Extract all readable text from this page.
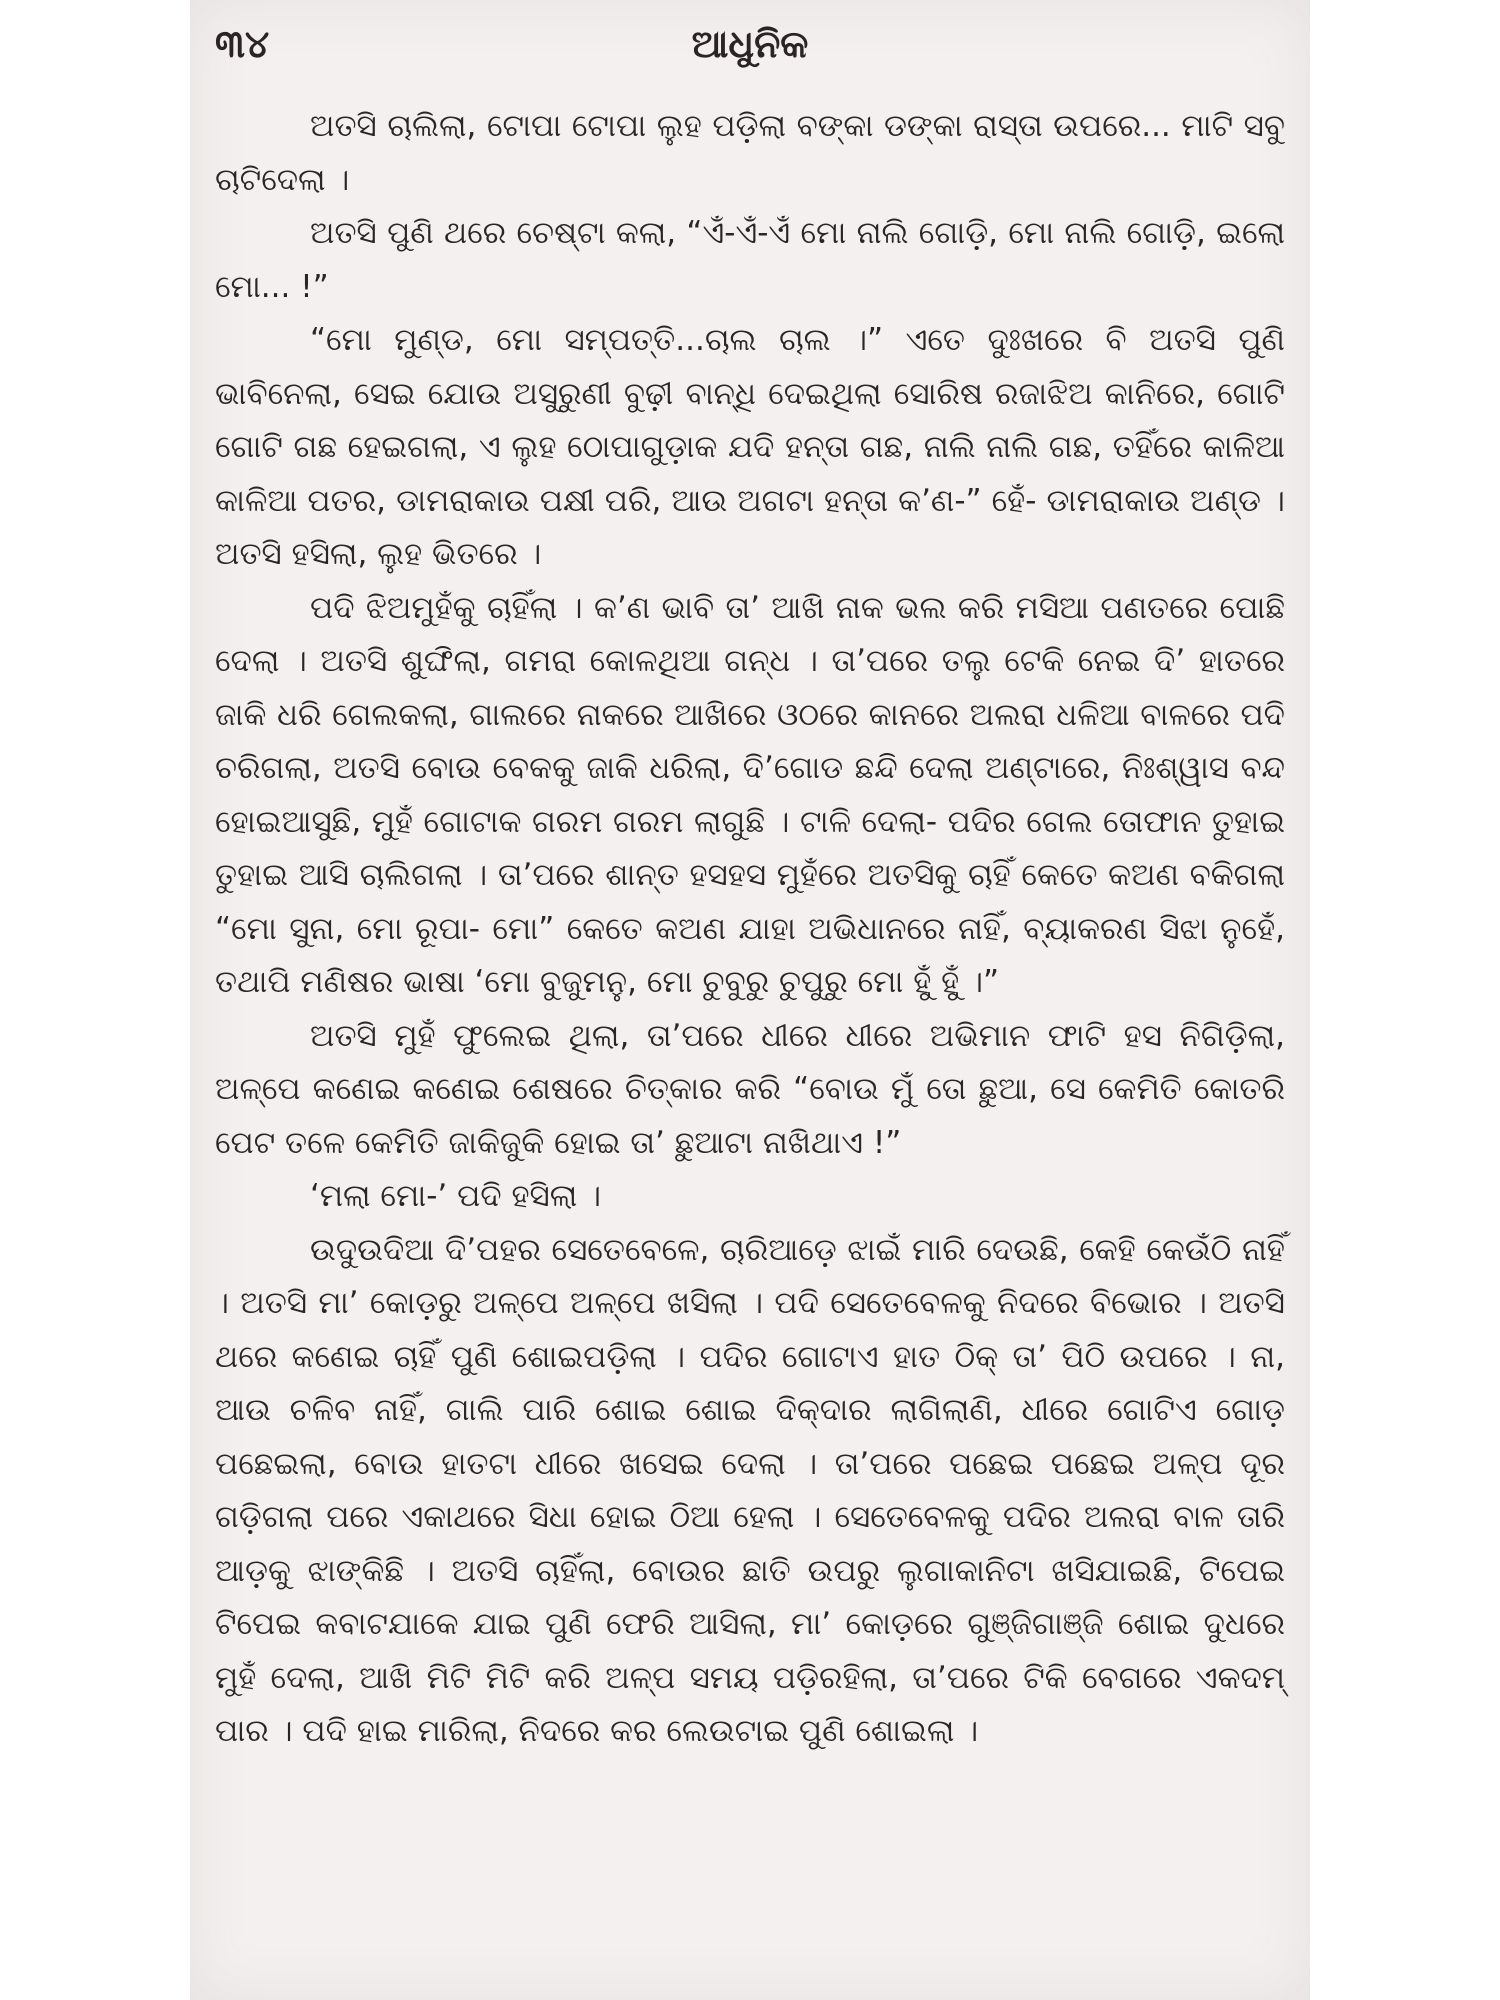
୩୪	ଆଧୁନିକ

ଅତସି ଚାଲିଲା, ଟୋପା ଟୋପା ଲୁହ ପଡ଼ିଲା ବଙ୍କା ଡଙ୍କା ରାସ୍ତା ଉପରେ... ମାଟି ସବୁ ଚାଟିଦେଲା ।

ଅତସି ପୁଣି ଥରେ ଚେଷ୍ଟା କଲା, “ଏଁ-ଏଁ-ଏଁ ମୋ ନାଲି ଗୋଡ଼ି, ମୋ ନାଲି ଗୋଡ଼ି, ଇଲୋ ମୋ... !”

“ମୋ ମୁଣ୍ଡ, ମୋ ସମ୍ପତ୍ତି...ଚାଲ ଚାଲ ।” ଏତେ ଦୁଃଖରେ ବି ଅତସି ପୁଣି ଭାବିନେଲା, ସେଇ ଯୋଉ ଅସୁରୁଣୀ ବୁଢ଼ୀ ବାନ୍ଧି ଦେଇଥିଲା ସୋରିଷ ରଜାଝିଅ କାନିରେ, ଗୋଟି ଗୋଟି ଗଛ ହେଇଗଲା, ଏ ଲୁହ ଠୋପାଗୁଡ଼ାକ ଯଦି ହନ୍ତା ଗଛ, ନାଲି ନାଲି ଗଛ, ତହିଁରେ କାଳିଆ କାଳିଆ ପତର, ଡାମରାକାଉ ପକ୍ଷୀ ପରି, ଆଉ ଅଗଟା ହନ୍ତା କ’ଣ-” ହେଁ- ଡାମରାକାଉ ଅଣ୍ଡ । ଅତସି ହସିଲା, ଲୁହ ଭିତରେ ।

ପଦି ଝିଅମୁହଁକୁ ଚାହିଁଲା । କ’ଣ ଭାବି ତା’ ଆଖି ନାକ ଭଲ କରି ମସିଆ ପଣତରେ ପୋଛି ଦେଲା । ଅତସି ଶୁଙ୍ଘିଲା, ଗମରା କୋଳଥିଆ ଗନ୍ଧ । ତା’ପରେ ତଲୁ ଟେକି ନେଇ ଦି’ ହାତରେ ଜାକି ଧରି ଗେଲକଲା, ଗାଲରେ ନାକରେ ଆଖିରେ ଓଠରେ କାନରେ ଅଲରା ଧଳିଆ ବାଳରେ ପଦି ଚରିଗଲା, ଅତସି ବୋଉ ବେକକୁ ଜାକି ଧରିଲା, ଦି’ଗୋଡ ଛନ୍ଦି ଦେଲା ଅଣ୍ଟାରେ, ନିଃଶ୍ୱାସ ବନ୍ଦ ହୋଇଆସୁଛି, ମୁହଁ ଗୋଟାକ ଗରମ ଗରମ ଲାଗୁଛି । ଟାଳି ଦେଲା- ପଦିର ଗେଲ ତୋଫାନ ତୁହାଇ ତୁହାଇ ଆସି ଚାଲିଗଲା । ତା’ପରେ ଶାନ୍ତ ହସହସ ମୁହଁରେ ଅତସିକୁ ଚାହିଁ କେତେ କଅଣ ବକିଗଲା “ମୋ ସୁନା, ମୋ ରୂପା- ମୋ” କେତେ କଅଣ ଯାହା ଅଭିଧାନରେ ନାହିଁ, ବ୍ୟାକରଣ ସିଝା ନୁହେଁ, ତଥାପି ମଣିଷର ଭାଷା ‘ମୋ ବୁଜୁମନୁ, ମୋ ଚୁବୁରୁ ଚୁପୁରୁ ମୋ ହୁଁ ହୁଁ ।”

ଅତସି ମୁହଁ ଫୁଲେଇ ଥିଲା, ତା’ପରେ ଧୀରେ ଧୀରେ ଅଭିମାନ ଫାଟି ହସ ନିଗିଡ଼ିଲା, ଅଳ୍ପେ କଣେଇ କଣେଇ ଶେଷରେ ଚିତ୍କାର କରି “ବୋଉ ମୁଁ ତୋ ଛୁଆ, ସେ କେମିତି କୋତରି ପେଟ ତଳେ କେମିତି ଜାକିଜୁକି ହୋଇ ତା’ ଛୁଆଟା ନାଖିଥାଏ !”

‘ମଲା ମୋ-’ ପଦି ହସିଲା ।

ଉଦୁଉଦିଆ ଦି’ପହର ସେତେବେଳେ, ଚାରିଆଡ଼େ ଝାଇଁ ମାରି ଦେଉଛି, କେହି କେଉଁଠି ନାହିଁ । ଅତସି ମା’ କୋଡ଼ରୁ ଅଳ୍ପେ ଅଳ୍ପେ ଖସିଲା । ପଦି ସେତେବେଳକୁ ନିଦରେ ବିଭୋର । ଅତସି ଥରେ କଣେଇ ଚାହିଁ ପୁଣି ଶୋଇପଡ଼ିଲା । ପଦିର ଗୋଟାଏ ହାତ ଠିକ୍ ତା’ ପିଠି ଉପରେ । ନା, ଆଉ ଚଳିବ ନାହିଁ, ଗାଲି ପାରି ଶୋଇ ଶୋଇ ଦିକ୍‌ଦାର ଲାଗିଲାଣି, ଧୀରେ ଗୋଟିଏ ଗୋଡ଼ ପଛେଇଲା, ବୋଉ ହାତଟା ଧୀରେ ଖସେଇ ଦେଲା । ତା’ପରେ ପଛେଇ ପଛେଇ ଅଳ୍ପ ଦୂର ଗଡ଼ିଗଲା ପରେ ଏକାଥରେ ସିଧା ହୋଇ ଠିଆ ହେଲା । ସେତେବେଳକୁ ପଦିର ଅଲରା ବାଳ ତାରି ଆଡ଼କୁ ଝାଙ୍କିଛି । ଅତସି ଚାହିଁଲା, ବୋଉର ଛାତି ଉପରୁ ଲୁଗାକାନିଟା ଖସିଯାଇଛି, ଟିପେଇ ଟିପେଇ କବାଟଯାକେ ଯାଇ ପୁଣି ଫେରି ଆସିଲା, ମା’ କୋଡ଼ରେ ଗୁଞ୍ଜିଗାଞ୍ଜି ଶୋଇ ଦୁଧରେ ମୁହଁ ଦେଲା, ଆଖି ମିଟି ମିଟି କରି ଅଳ୍ପ ସମୟ ପଡ଼ିରହିଲା, ତା’ପରେ ଟିକି ବେଗରେ ଏକଦମ୍ ପାର । ପଦି ହାଇ ମାରିଲା, ନିଦରେ କର ଲେଉଟାଇ ପୁଣି ଶୋଇଲା ।
